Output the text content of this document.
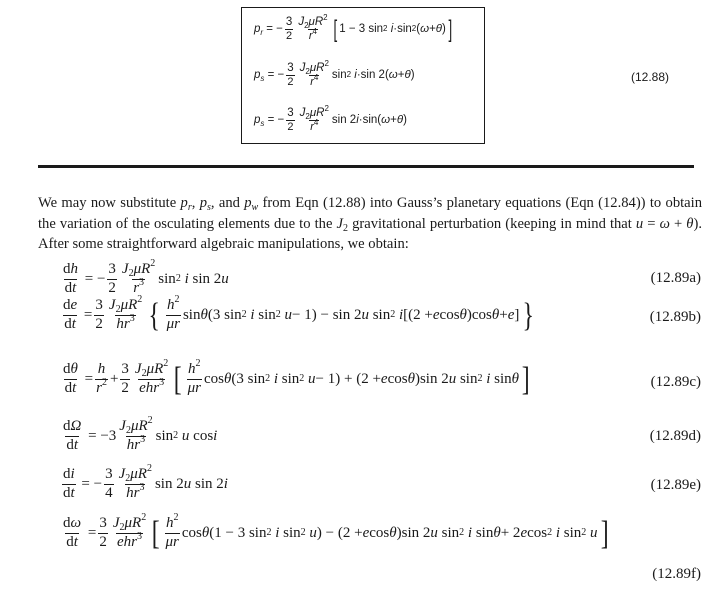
$p_r$ = − $\frac{3}{2} \frac{J_2\mu R^2}{r^4}$ [ 1 − 3 sin 2
i ·sin 2 ( ω + θ ) ]
$p_s$ = − $\frac{3}{2} \frac{J_2\mu R^2}{r^4}$ sin 2
i ·sin 2( ω + θ )
$p_s$ = − $\frac{3}{2} \frac{J_2\mu R^2}{r^4}$ sin 2 i ·sin( ω + θ )
(12.88)
We may now substitute $p_r$, $p_s$, and $p_w$ from Eqn (12.88) into Gauss’s planetary equations (Eqn (12.84)) to obtain the variation of the osculating elements due to the $J_2$ gravitational perturbation (keeping in mind that u = ω + θ). After some straightforward algebraic manipulations, we obtain:
$\frac{dh}{dt}$ = − $\frac{3}{2} \frac{J_2\mu R^2}{r^3}$ sin 2
i sin 2 u	(12.89a)
$\frac{de}{dt} = \frac{3}{2} \frac{J_2\mu R^2}{hr^3}$ { $\frac{h^2}{\mu r}$ sin θ (3 sin 2
i sin 2
u − 1) − sin 2 u sin 2
i [(2 + e cos θ )cos θ + e ] }	(12.89b)
$\frac{d\theta}{dt} = \frac{h}{r^2} + \frac{3}{2} \frac{J_2\mu R^2}{ehr^3}$ [ $\frac{h^2}{\mu r}$ cos θ (3 sin 2
i sin 2
u − 1) + (2 + e cos θ )sin 2 u sin 2
i sin θ ]	(12.89c)
$\frac{d\Omega}{dt} = -3 \frac{J_2\mu R^2}{hr^3}$ sin 2
u cos i	(12.89d)
$\frac{di}{dt}$ = − $\frac{3}{4} \frac{J_2\mu R^2}{hr^3}$ sin 2 u sin 2 i	(12.89e)
$\frac{d\omega}{dt} = \frac{3}{2} \frac{J_2\mu R^2}{ehr^3}$ [ $\frac{h^2}{\mu r}$ cos θ (1 − 3 sin 2
i sin 2
u ) − (2 + e cos θ )sin 2 u sin 2
i sin θ + 2 e cos 2
i sin 2
u ]
(12.89f)
